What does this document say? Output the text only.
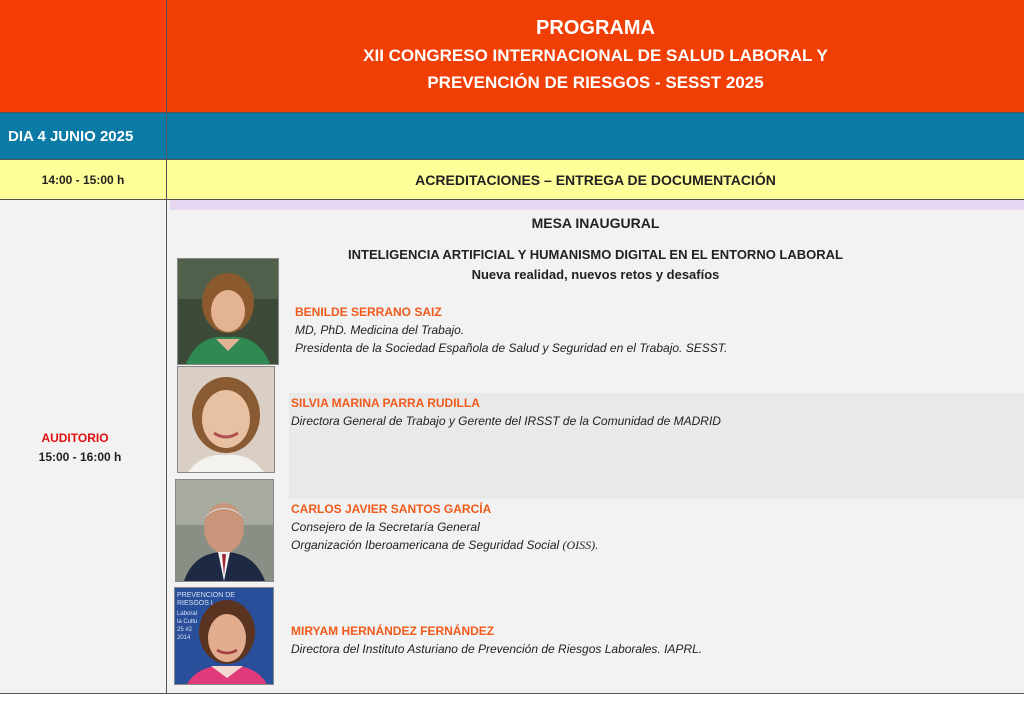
PROGRAMA
XII CONGRESO INTERNACIONAL DE SALUD LABORAL Y
PREVENCIÓN DE RIESGOS - SESST 2025
DIA 4 JUNIO 2025
14:00 - 15:00 h	ACREDITACIONES – ENTREGA DE DOCUMENTACIÓN
AUDITORIO
15:00 - 16:00 h
MESA INAUGURAL
INTELIGENCIA ARTIFICIAL Y HUMANISMO DIGITAL EN EL ENTORNO LABORAL
Nueva realidad, nuevos retos y desafíos
BENILDE SERRANO SAIZ
MD, PhD. Medicina del Trabajo.
Presidenta de la Sociedad Española de Salud y Seguridad en el Trabajo. SESST.
SILVIA MARINA PARRA RUDILLA
Directora General de Trabajo y Gerente del IRSST de la Comunidad de MADRID
CARLOS JAVIER SANTOS GARCÍA
Consejero de la Secretaría General
Organización Iberoamericana de Seguridad Social (OISS).
PREVENCION DE
RIESGOS L
Laboral
la Cultu
25 #2
2014	MIRYAM HERNÁNDEZ FERNÁNDEZ
Directora del Instituto Asturiano de Prevención de Riesgos Laborales. IAPRL.
